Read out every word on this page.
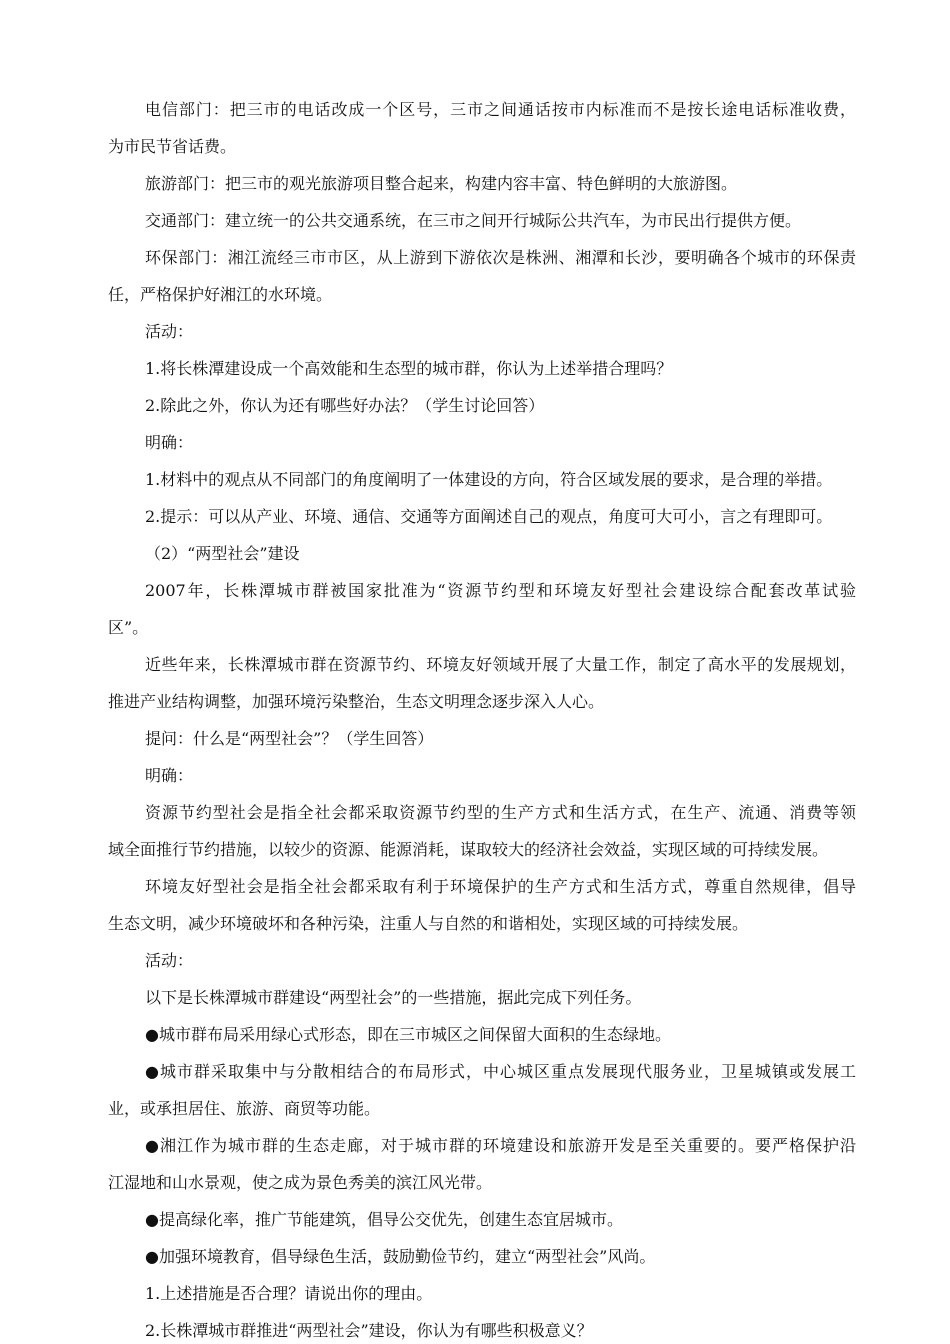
电信部门：把三市的电话改成一个区号，三市之间通话按市内标准而不是按长途电话标准收费，
为市民节省话费。
旅游部门：把三市的观光旅游项目整合起来，构建内容丰富、特色鲜明的大旅游图。
交通部门：建立统一的公共交通系统，在三市之间开行城际公共汽车，为市民出行提供方便。
环保部门：湘江流经三市市区，从上游到下游依次是株洲、湘潭和长沙，要明确各个城市的环保责
任，严格保护好湘江的水环境。
活动：
1.将长株潭建设成一个高效能和生态型的城市群，你认为上述举措合理吗？
2.除此之外，你认为还有哪些好办法？（学生讨论回答）
明确：
1.材料中的观点从不同部门的角度阐明了一体建设的方向，符合区域发展的要求，是合理的举措。
2.提示：可以从产业、环境、通信、交通等方面阐述自己的观点，角度可大可小，言之有理即可。
（2）“两型社会”建设
2007年，长株潭城市群被国家批准为“资源节约型和环境友好型社会建设综合配套改革试验
区”。
近些年来，长株潭城市群在资源节约、环境友好领域开展了大量工作，制定了高水平的发展规划，
推进产业结构调整，加强环境污染整治，生态文明理念逐步深入人心。
提问：什么是“两型社会”？（学生回答）
明确：
资源节约型社会是指全社会都采取资源节约型的生产方式和生活方式，在生产、流通、消费等领
域全面推行节约措施，以较少的资源、能源消耗，谋取较大的经济社会效益，实现区域的可持续发展。
环境友好型社会是指全社会都采取有利于环境保护的生产方式和生活方式，尊重自然规律，倡导
生态文明，减少环境破坏和各种污染，注重人与自然的和谐相处，实现区域的可持续发展。
活动：
以下是长株潭城市群建设“两型社会”的一些措施，据此完成下列任务。
●城市群布局采用绿心式形态，即在三市城区之间保留大面积的生态绿地。
●城市群采取集中与分散相结合的布局形式，中心城区重点发展现代服务业，卫星城镇或发展工
业，或承担居住、旅游、商贸等功能。
●湘江作为城市群的生态走廊，对于城市群的环境建设和旅游开发是至关重要的。要严格保护沿
江湿地和山水景观，使之成为景色秀美的滨江风光带。
●提高绿化率，推广节能建筑，倡导公交优先，创建生态宜居城市。
●加强环境教育，倡导绿色生活，鼓励勤俭节约，建立“两型社会”风尚。
1.上述措施是否合理？请说出你的理由。
2.长株潭城市群推进“两型社会”建设，你认为有哪些积极意义？
